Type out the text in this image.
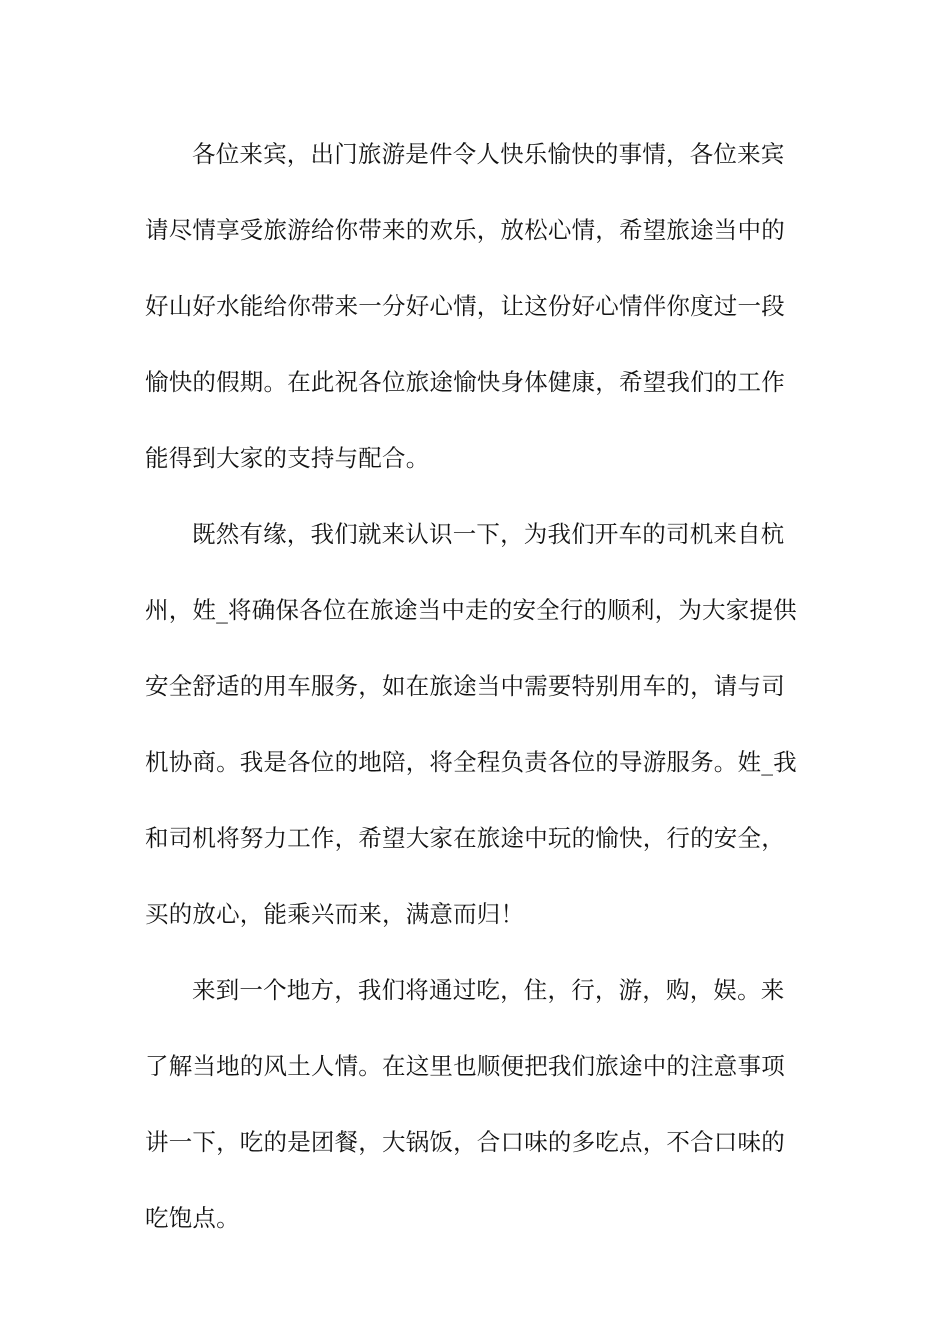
各位来宾，出门旅游是件令人快乐愉快的事情，各位来宾
请尽情享受旅游给你带来的欢乐，放松心情，希望旅途当中的
好山好水能给你带来一分好心情，让这份好心情伴你度过一段
愉快的假期。在此祝各位旅途愉快身体健康，希望我们的工作
能得到大家的支持与配合。

既然有缘，我们就来认识一下，为我们开车的司机来自杭
州，姓_将确保各位在旅途当中走的安全行的顺利，为大家提供
安全舒适的用车服务，如在旅途当中需要特别用车的，请与司
机协商。我是各位的地陪，将全程负责各位的导游服务。姓_我
和司机将努力工作，希望大家在旅途中玩的愉快，行的安全，
买的放心，能乘兴而来，满意而归！

来到一个地方，我们将通过吃，住，行，游，购，娱。来
了解当地的风土人情。在这里也顺便把我们旅途中的注意事项
讲一下，吃的是团餐，大锅饭，合口味的多吃点，不合口味的
吃饱点。
